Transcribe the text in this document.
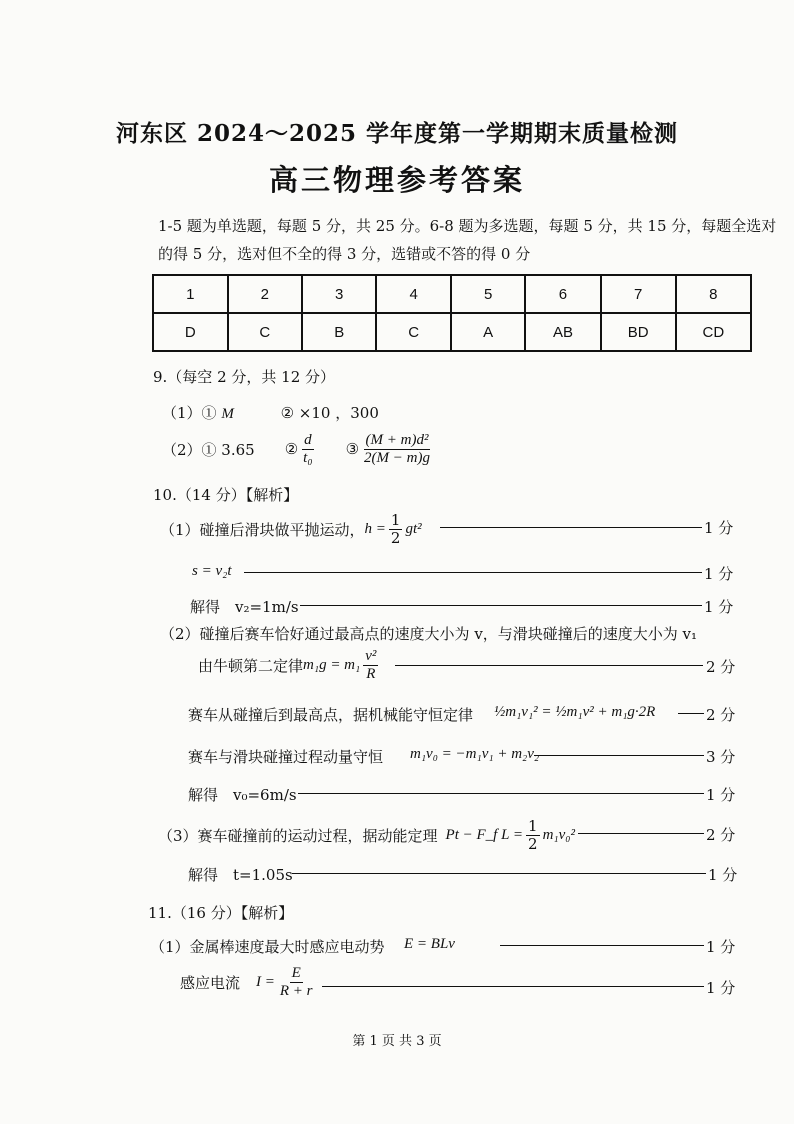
河东区 2024～2025 学年度第一学期期末质量检测
高三物理参考答案
1-5 题为单选题，每题 5 分，共 25 分。6-8 题为多选题，每题 5 分，共 15 分，每题全选对
的得 5 分，选对但不全的得 3 分，选错或不答的得 0 分
1	2	3	4	5	6	7	8
D	C	B	C	A	AB	BD	CD
9.（每空 2 分，共 12 分）
（1）① M	② ×10 ，300
（2）① 3.65 ② $\frac{d}{\text{t₀}}$ ③ $\frac{\text{(M + m)d²}}{2(M - m)g}$
10.（14 分）【解析】
（1）碰撞后滑块做平抛运动， $h = \frac{1}{2} gt^2$	1 分
s = v₂t	1 分
解得　v₂=1m/s	1 分
（2）碰撞后赛车恰好通过最高点的速度大小为 v，与滑块碰撞后的速度大小为 v₁
由牛顿第二定律 $m_1g = m_1 \frac{\text{v²}}{R}$	2 分
赛车从碰撞后到最高点，据机械能守恒定律 ½m₁v₁² = ½m₁v² + m₁g·2R	2 分
赛车与滑块碰撞过程动量守恒 m₁v₀ = −m₁v₁ + m₂v₂	3 分
解得　v₀=6m/s	1 分
（3）赛车碰撞前的运动过程，据动能定理 Pt − F_f $L = \frac{1}{2} m_1v_0^2$	2 分
解得　t=1.05s	1 分
11.（16 分）【解析】
（1）金属棒速度最大时感应电动势 E = BLv	1 分
感应电流 $I = \frac{E}{R + r}$	1 分
第 1 页 共 3 页
